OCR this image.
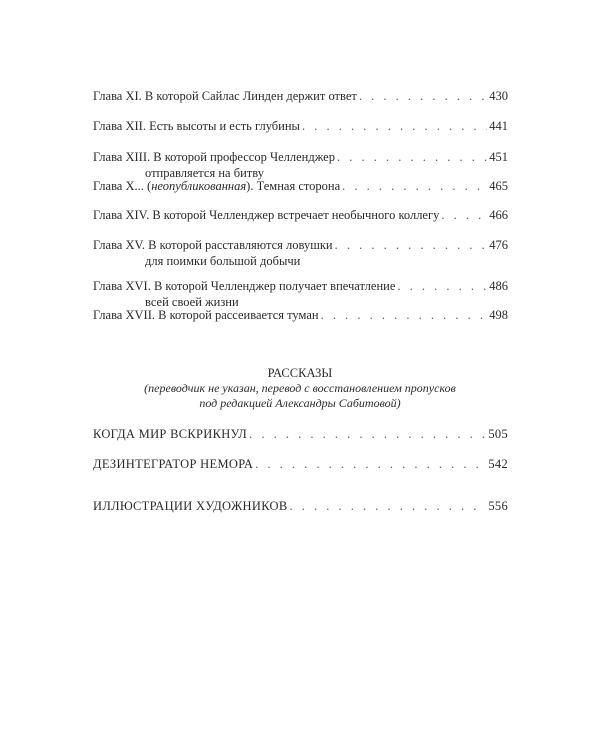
Глава XI. В которой Сайлас Линден держит ответ . . .	430
Глава XII. Есть высоты и есть глубины . . .	441
Глава XIII. В которой профессор Челленджер . . .	451
отправляется на битву
Глава X... (неопубликованная). Темная сторона . . .	465
Глава XIV. В которой Челленджер встречает необычного коллегу . . .	466
Глава XV. В которой расставляются ловушки . . .	476
для поимки большой добычи
Глава XVI. В которой Челленджер получает впечатление . . .	486
всей своей жизни
Глава XVII. В которой рассеивается туман . . .	498
РАССКАЗЫ
(переводчик не указан, перевод с восстановлением пропусков
под редакцией Александры Сабитовой)
КОГДА МИР ВСКРИКНУЛ . . .	505
ДЕЗИНТЕГРАТОР НЕМОРА . . .	542
ИЛЛЮСТРАЦИИ ХУДОЖНИКОВ . . .	556
